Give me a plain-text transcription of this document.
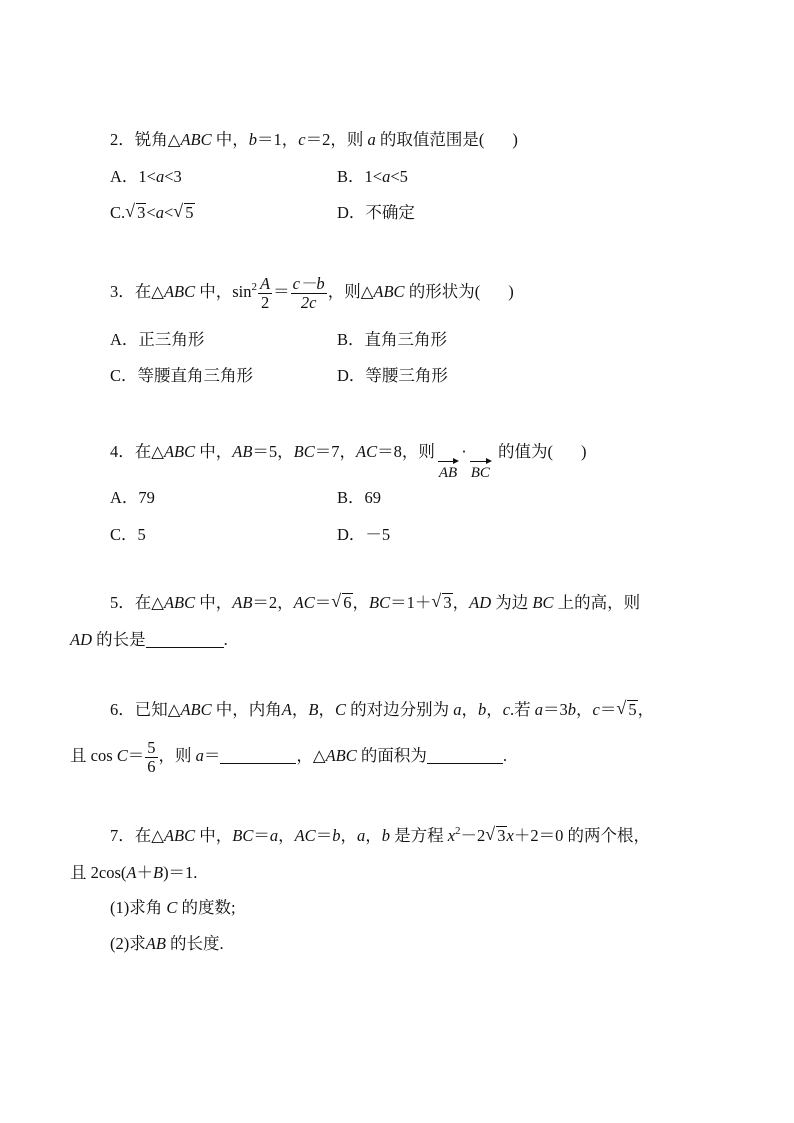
2．锐角△ABC 中，b＝1，c＝2，则 a 的取值范围是( )
A．1<a<3	B．1<a<5
C.√ 3<a<√ 5	D．不确定
3．在△ABC 中，$\sin^2 \frac{A}{2} = \frac{c-b}{2c}$ ，则△ABC 的形状为( )
A．正三角形	B．直角三角形
C．等腰直角三角形	D．等腰三角形
4．在△ABC 中，AB＝5，BC＝7，AC＝8，则
AB
·
BC
的值为( )
A．79	B．69
C．5	D．－5
5．在△ABC 中，AB＝2，AC＝√ 6，BC＝1＋√ 3，AD 为边 BC 上的高，则
AD 的长是	.
6．已知△ABC 中，内角A，B，C 的对边分别为 a，b，c.若 a＝3b，c＝√ 5，
且 $\cos C= \frac{5}{6}$ ，则 a＝	，△ABC 的面积为	.
7．在△ABC 中，BC＝a，AC＝b，a，b 是方程 $x^2-2√$ 3x＋2＝0 的两个根，
且 2cos(A＋B)＝1.
(1)求角 C 的度数;
(2)求AB 的长度.
